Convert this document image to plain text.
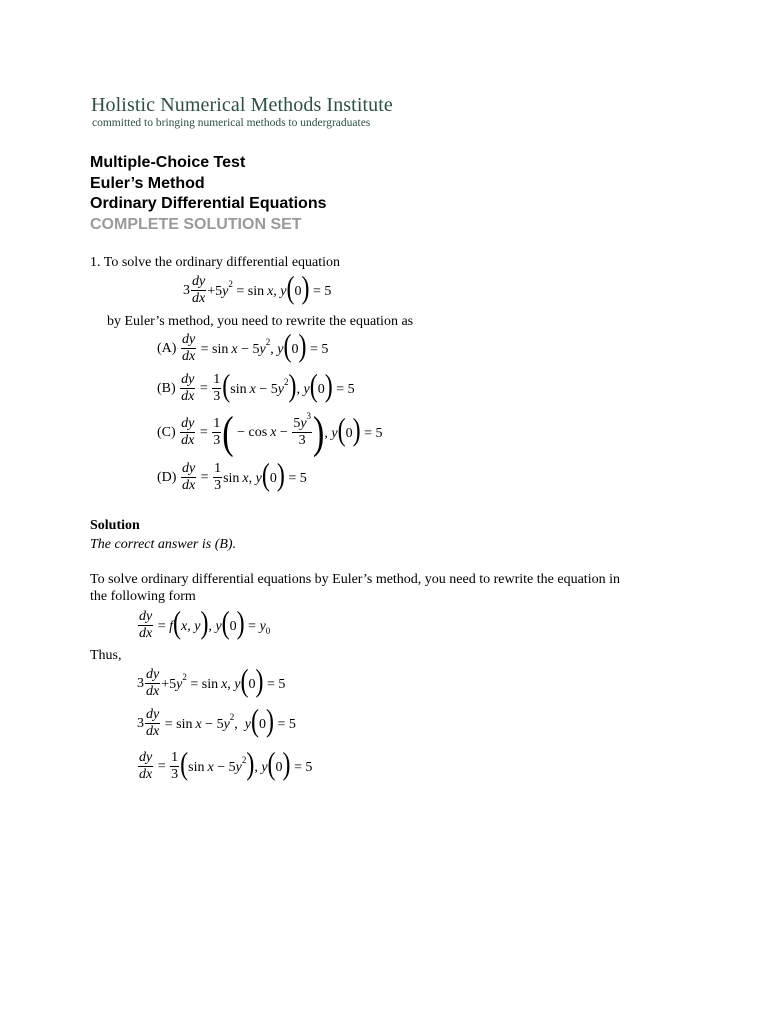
Holistic Numerical Methods Institute
committed to bringing numerical methods to undergraduates
Multiple-Choice Test
Euler’s Method
Ordinary Differential Equations
COMPLETE SOLUTION SET
1. To solve the ordinary differential equation
$3 \frac{dy}{dx} +5y^2 = \sin x$, y(0) = 5
by Euler’s method, you need to rewrite the equation as
(A)
$\frac{dy}{dx} = \sin x - 5y^2$, y(0) = 5
(B)
$\frac{dy}{dx} = \frac{1}{3} (\sin$ $x - 5y^2$), y(0) = 5
(C)
$\frac{dy}{dx} = \frac{1}{3}$ ( − $\cos x - \frac{5y^3}{3}$ ) , y(0) = 5
(D)
$\frac{dy}{dx} = \frac{1}{3}$ sin x, y(0) = 5
Solution
The correct answer is (B).
To solve ordinary differential equations by Euler’s method, you need to rewrite the equation in
the following form
$\frac{dy}{dx} = f(x$, y), $y(0) = y_0$
Thus,
$3 \frac{dy}{dx} +5y^2 = \sin x$, y(0) = 5
$3 \frac{dy}{dx} = \sin x - 5y^2$,  y(0) = 5
$\frac{dy}{dx} = \frac{1}{3} (\sin$ $x - 5y^2$), y(0) = 5
